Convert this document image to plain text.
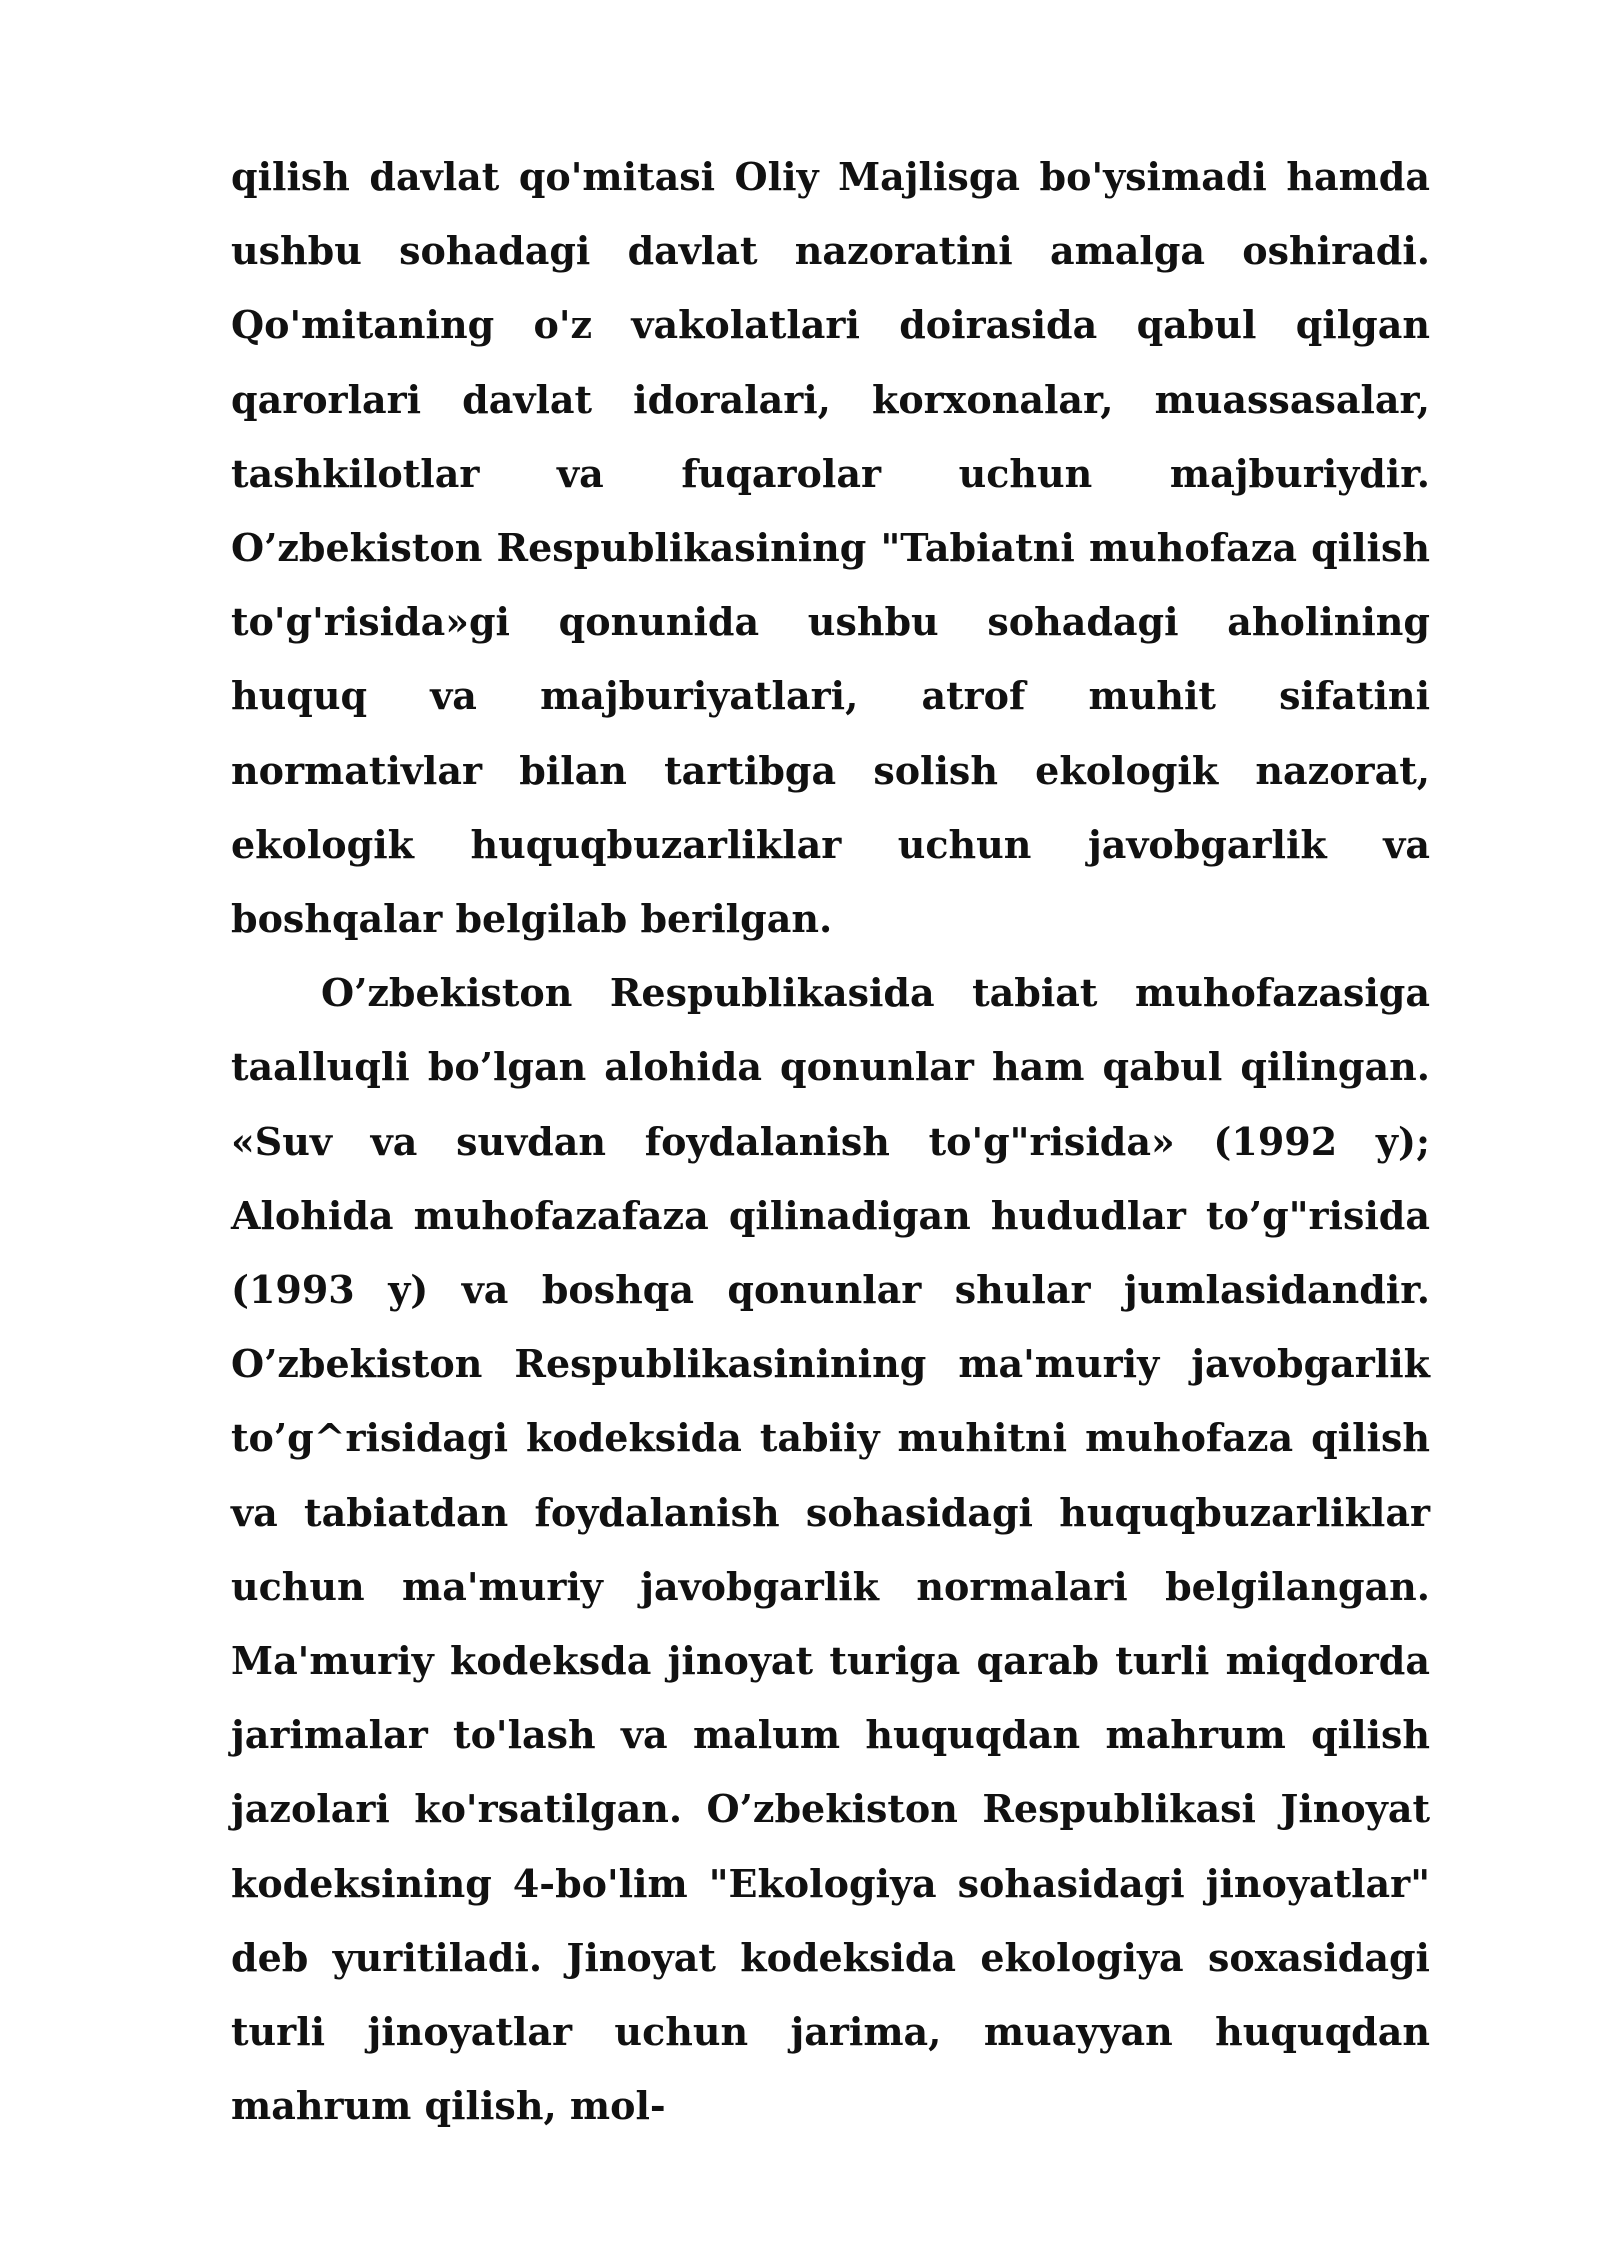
qilish davlat qo'mitasi Oliy Majlisga bo'ysimadi hamda ushbu sohadagi davlat nazoratini amalga oshiradi. Qo'mitaning o'z vakolatlari doirasida qabul qilgan qarorlari davlat idoralari, korxonalar, muassasalar, tashkilotlar va fuqarolar uchun majburiydir. O’zbekiston Respublikasining "Tabiatni muhofaza qilish to'g'risida»gi qonunida ushbu sohadagi aholining huquq va majburiyatlari, atrof muhit sifatini normativlar bilan tartibga solish ekologik nazorat, ekologik huquqbuzarliklar uchun javobgarlik va boshqalar belgilab berilgan.

O’zbekiston Respublikasida tabiat muhofazasiga taalluqli bo’lgan alohida qonunlar ham qabul qilingan. «Suv va suvdan foydalanish to'g"risida» (1992 y); Alohida muhofazafaza qilinadigan hududlar to’g"risida (1993 y) va boshqa qonunlar shular jumlasidandir. O’zbekiston Respublikasinining ma'muriy javobgarlik to’g^risidagi kodeksida tabiiy muhitni muhofaza qilish va tabiatdan foydalanish sohasidagi huquqbuzarliklar uchun ma'muriy javobgarlik normalari belgilangan. Ma'muriy kodeksda jinoyat turiga qarab turli miqdorda jarimalar to'lash va malum huquqdan mahrum qilish jazolari ko'rsatilgan. O’zbekiston Respublikasi Jinoyat kodeksining 4-bo'lim "Ekologiya sohasidagi jinoyatlar" deb yuritiladi. Jinoyat kodeksida ekologiya soxasidagi turli jinoyatlar uchun jarima, muayyan huquqdan mahrum qilish, mol-
